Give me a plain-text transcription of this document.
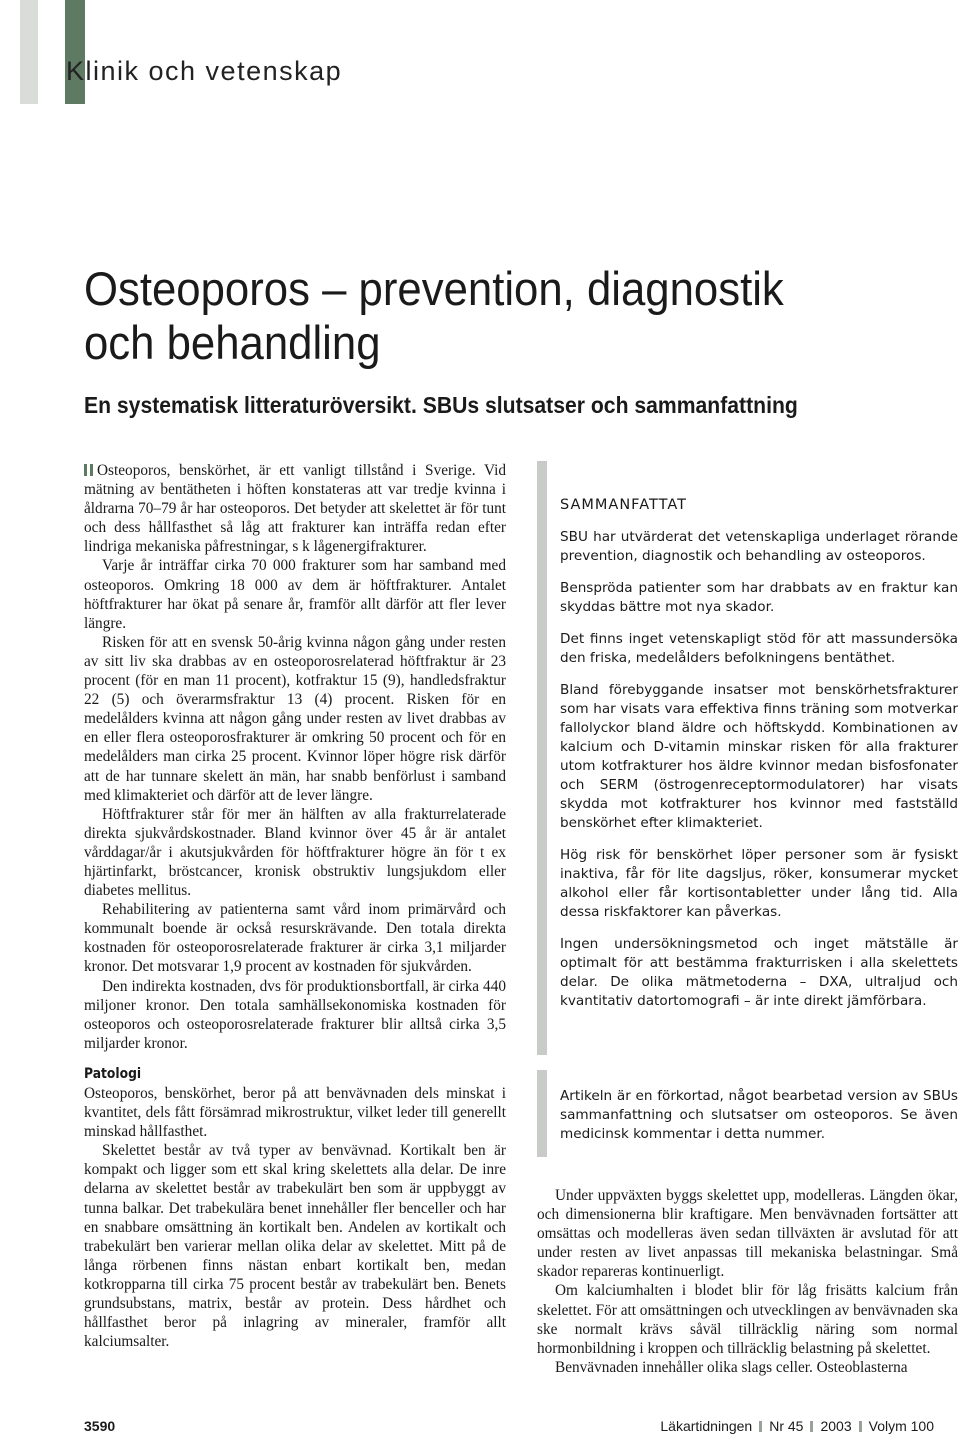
Klinik och vetenskap
Osteoporos – prevention, diagnostik och behandling
En systematisk litteraturöversikt. SBUs slutsatser och sammanfattning

Osteoporos, benskörhet, är ett vanligt tillstånd i Sverige. Vid mätning av bentätheten i höften konstateras att var tredje kvinna i åldrarna 70–79 år har osteoporos. Det betyder att skelettet är för tunt och dess hållfasthet så låg att frakturer kan inträffa redan efter lindriga mekaniska påfrestningar, s k lågenergifrakturer.

Varje år inträffar cirka 70 000 frakturer som har samband med osteoporos. Omkring 18 000 av dem är höftfrakturer. Antalet höftfrakturer har ökat på senare år, framför allt därför att fler lever längre.

Risken för att en svensk 50-årig kvinna någon gång under resten av sitt liv ska drabbas av en osteoporosrelaterad höftfraktur är 23 procent (för en man 11 procent), kotfraktur 15 (9), handledsfraktur 22 (5) och överarmsfraktur 13 (4) procent. Risken för en medelålders kvinna att någon gång under resten av livet drabbas av en eller flera osteoporosfrakturer är omkring 50 procent och för en medelålders man cirka 25 procent. Kvinnor löper högre risk därför att de har tunnare skelett än män, har snabb benförlust i samband med klimakteriet och därför att de lever längre.

Höftfrakturer står för mer än hälften av alla frakturrelaterade direkta sjukvårdskostnader. Bland kvinnor över 45 år är antalet vårddagar/år i akutsjukvården för höftfrakturer högre än för t ex hjärtinfarkt, bröstcancer, kronisk obstruktiv lungsjukdom eller diabetes mellitus.

Rehabilitering av patienterna samt vård inom primärvård och kommunalt boende är också resurskrävande. Den totala direkta kostnaden för osteoporosrelaterade frakturer är cirka 3,1 miljarder kronor. Det motsvarar 1,9 procent av kostnaden för sjukvården.

Den indirekta kostnaden, dvs för produktionsbortfall, är cirka 440 miljoner kronor. Den totala samhällsekonomiska kostnaden för osteoporos och osteoporosrelaterade frakturer blir alltså cirka 3,5 miljarder kronor.

Patologi

Osteoporos, benskörhet, beror på att benvävnaden dels minskat i kvantitet, dels fått försämrad mikrostruktur, vilket leder till generellt minskad hållfasthet.

Skelettet består av två typer av benvävnad. Kortikalt ben är kompakt och ligger som ett skal kring skelettets alla delar. De inre delarna av skelettet består av trabekulärt ben som är uppbyggt av tunna balkar. Det trabekulära benet innehåller fler benceller och har en snabbare omsättning än kortikalt ben. Andelen av kortikalt och trabekulärt ben varierar mellan olika delar av skelettet. Mitt på de långa rörbenen finns nästan enbart kortikalt ben, medan kotkropparna till cirka 75 procent består av trabekulärt ben. Benets grundsubstans, matrix, består av protein. Dess hårdhet och hållfasthet beror på inlagring av mineraler, framför allt kalciumsalter.

SAMMANFATTAT

SBU har utvärderat det vetenskapliga underlaget rörande prevention, diagnostik och behandling av osteoporos.

Benspröda patienter som har drabbats av en fraktur kan skyddas bättre mot nya skador.

Det finns inget vetenskapligt stöd för att massundersöka den friska, medelålders befolkningens bentäthet.

Bland förebyggande insatser mot benskörhetsfrakturer som har visats vara effektiva finns träning som motverkar fallolyckor bland äldre och höftskydd. Kombinationen av kalcium och D-vitamin minskar risken för alla frakturer utom kotfrakturer hos äldre kvinnor medan bisfosfonater och SERM (östrogenreceptormodulatorer) har visats skydda mot kotfrakturer hos kvinnor med fastställd benskörhet efter klimakteriet.

Hög risk för benskörhet löper personer som är fysiskt inaktiva, får för lite dagsljus, röker, konsumerar mycket alkohol eller får kortisontabletter under lång tid. Alla dessa riskfaktorer kan påverkas.

Ingen undersökningsmetod och inget mätställe är optimalt för att bestämma frakturrisken i alla skelettets delar. De olika mätmetoderna – DXA, ultraljud och kvantitativ datortomografi – är inte direkt jämförbara.

Artikeln är en förkortad, något bearbetad version av SBUs sammanfattning och slutsatser om osteoporos. Se även medicinsk kommentar i detta nummer.

Under uppväxten byggs skelettet upp, modelleras. Längden ökar, och dimensionerna blir kraftigare. Men benvävnaden fortsätter att omsättas och modelleras även sedan tillväxten är avslutad för att under resten av livet anpassas till mekaniska belastningar. Små skador repareras kontinuerligt.

Om kalciumhalten i blodet blir för låg frisätts kalcium från skelettet. För att omsättningen och utvecklingen av benvävnaden ska ske normalt krävs såväl tillräcklig näring som normal hormonbildning i kroppen och tillräcklig belastning på skelettet.

Benvävnaden innehåller olika slags celler. Osteoblasterna

3590	Läkartidningen Nr 45 2003 Volym 100
